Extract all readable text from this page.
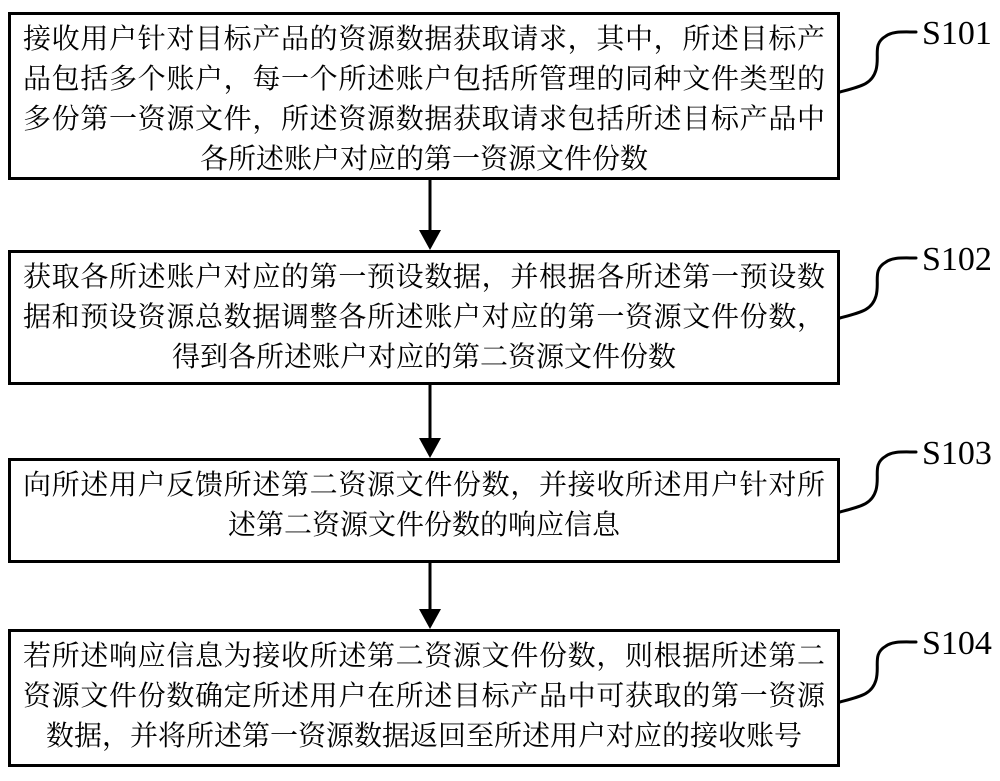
接收用户针对目标产品的资源数据获取请求，其中，所述目标产
品包括多个账户，每一个所述账户包括所管理的同种文件类型的
多份第一资源文件，所述资源数据获取请求包括所述目标产品中
各所述账户对应的第一资源文件份数
获取各所述账户对应的第一预设数据，并根据各所述第一预设数
据和预设资源总数据调整各所述账户对应的第一资源文件份数，
得到各所述账户对应的第二资源文件份数
向所述用户反馈所述第二资源文件份数，并接收所述用户针对所
述第二资源文件份数的响应信息
若所述响应信息为接收所述第二资源文件份数，则根据所述第二
资源文件份数确定所述用户在所述目标产品中可获取的第一资源
数据，并将所述第一资源数据返回至所述用户对应的接收账号
S101
S102
S103
S104
